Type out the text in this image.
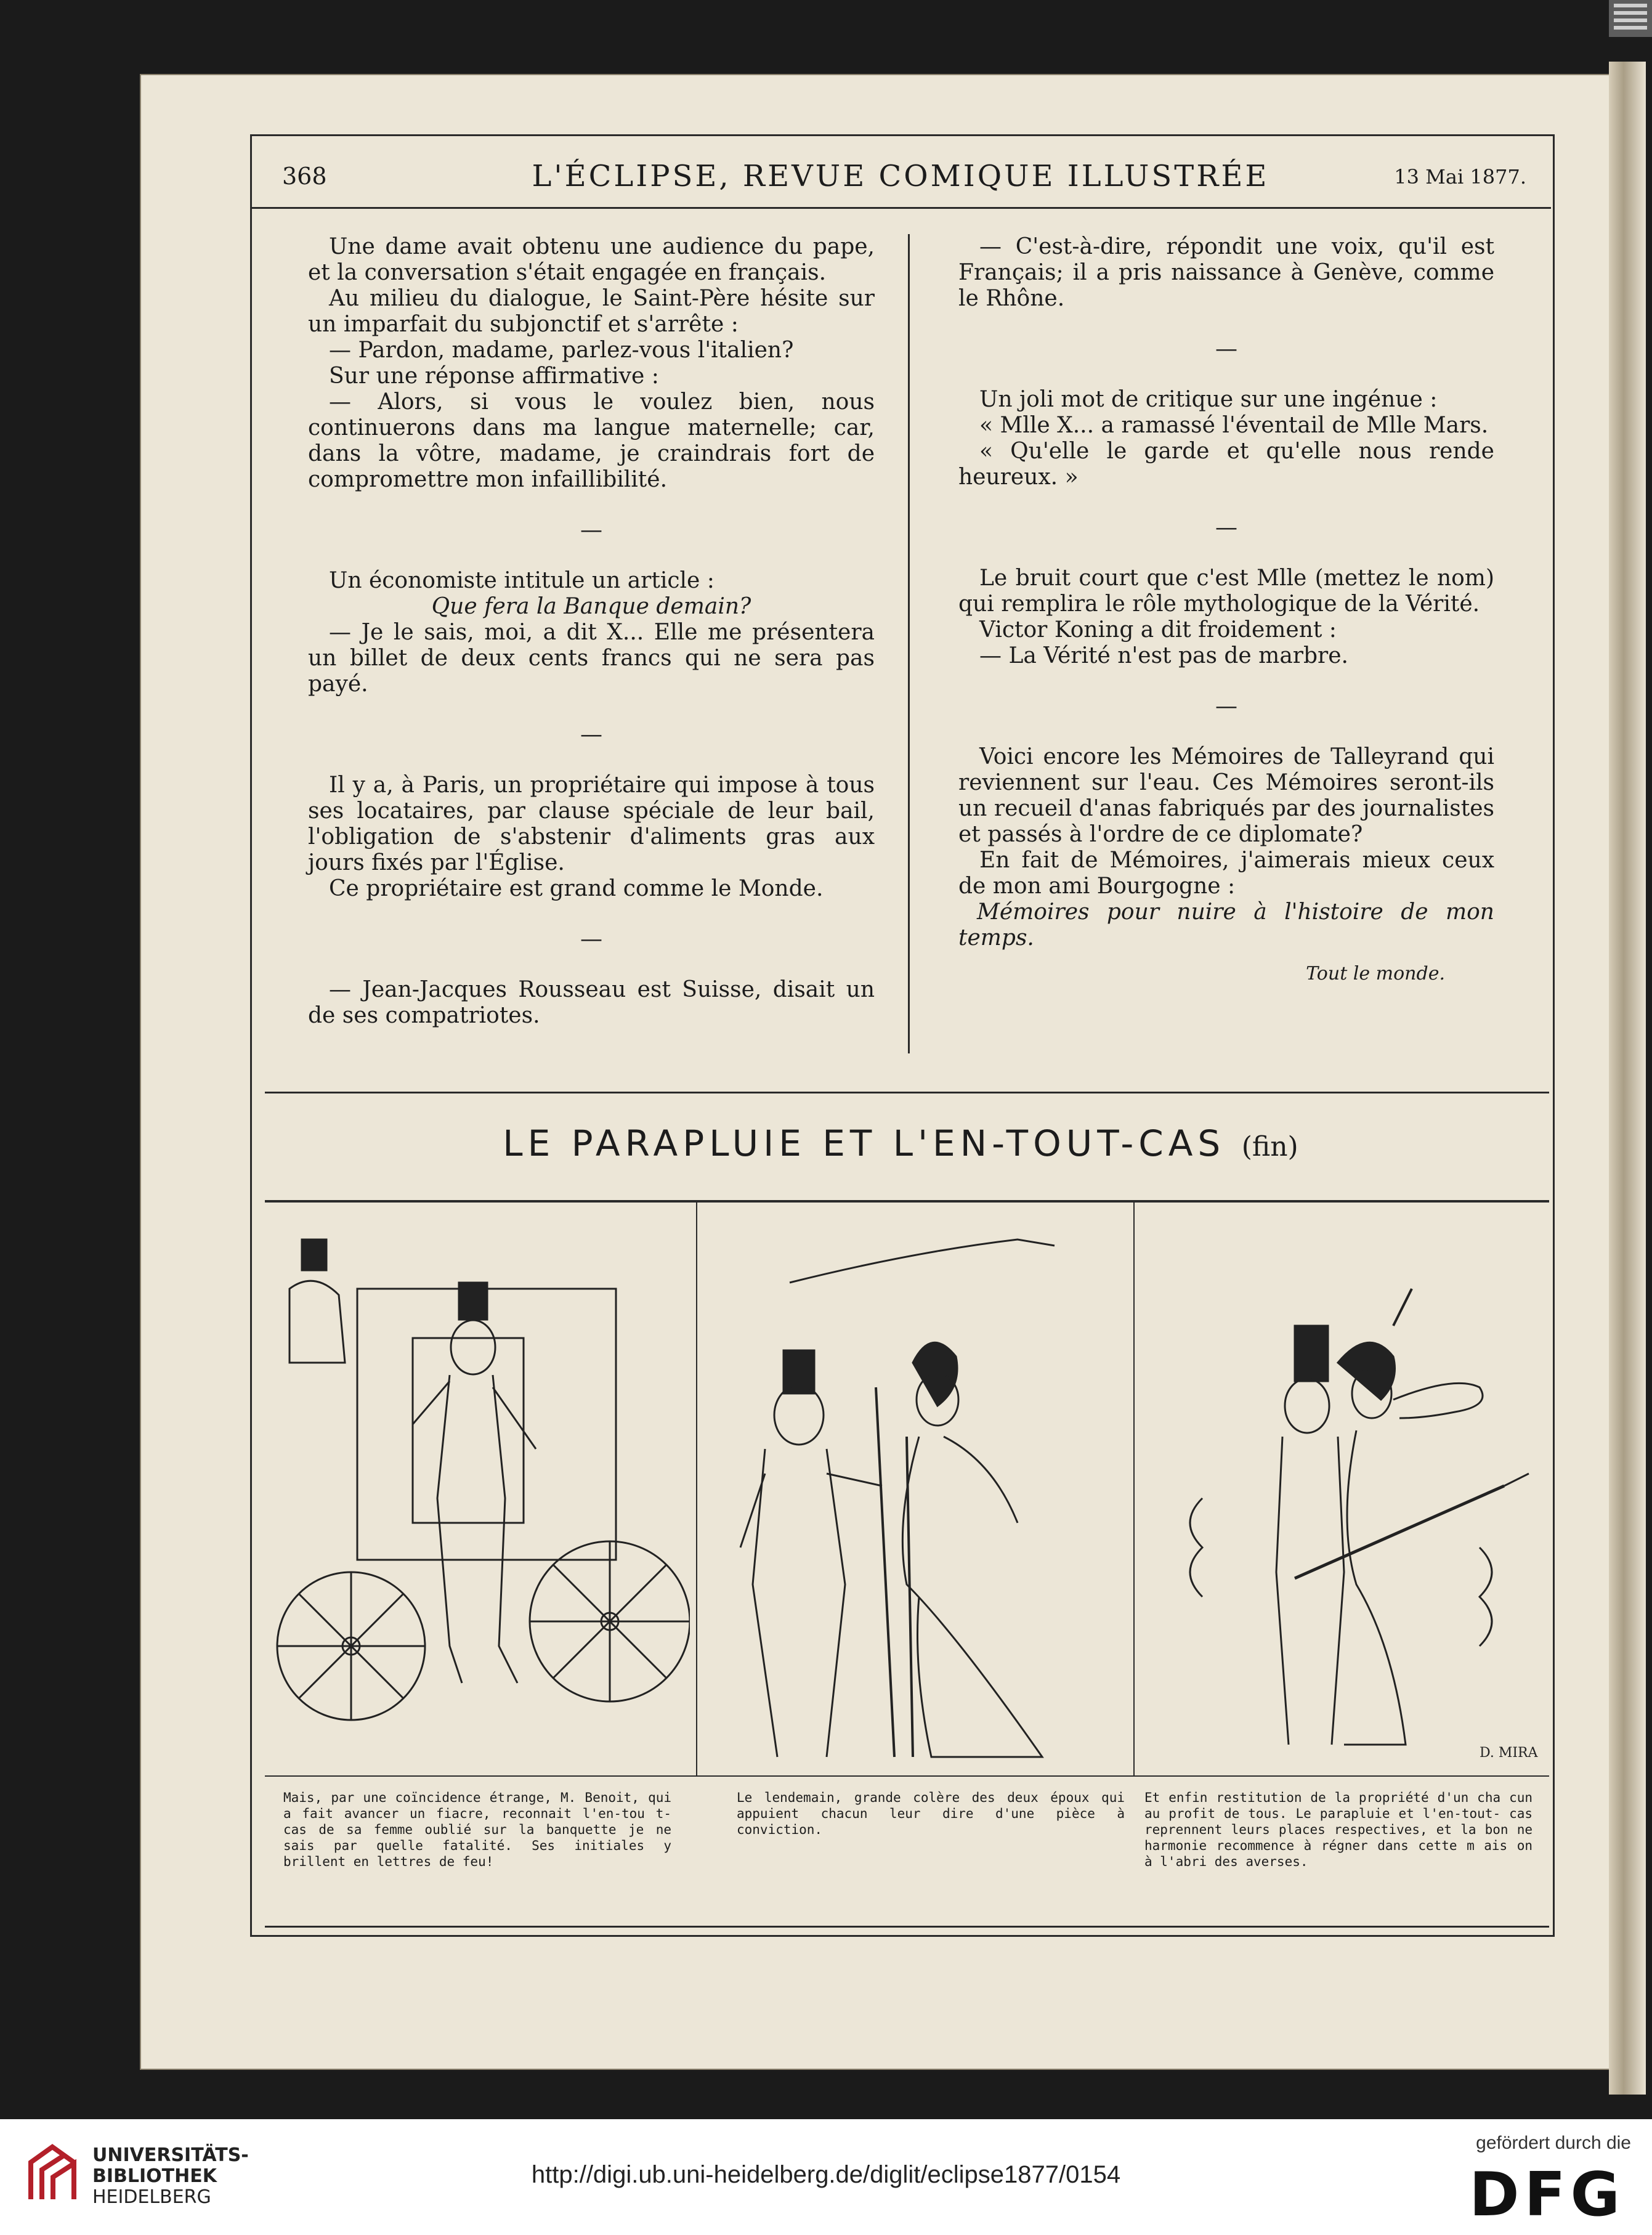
368	L'ÉCLIPSE, REVUE COMIQUE ILLUSTRÉE	13 Mai 1877.

Une dame avait obtenu une audience du pape, et la conversation s'était engagée en français.

Au milieu du dialogue, le Saint-Père hésite sur un imparfait du subjonctif et s'arrête :

— Pardon, madame, parlez-vous l'italien?

Sur une réponse affirmative :

— Alors, si vous le voulez bien, nous continuerons dans ma langue maternelle; car, dans la vôtre, madame, je craindrais fort de compromettre mon infaillibilité.

—

Un économiste intitule un article :

Que fera la Banque demain?

— Je le sais, moi, a dit X... Elle me présentera un billet de deux cents francs qui ne sera pas payé.

—

Il y a, à Paris, un propriétaire qui impose à tous ses locataires, par clause spéciale de leur bail, l'obligation de s'abstenir d'aliments gras aux jours fixés par l'Église.

Ce propriétaire est grand comme le Monde.

—

— Jean-Jacques Rousseau est Suisse, disait un de ses compatriotes.

— C'est-à-dire, répondit une voix, qu'il est Français; il a pris naissance à Genève, comme le Rhône.

—

Un joli mot de critique sur une ingénue :

« Mlle X... a ramassé l'éventail de Mlle Mars.

« Qu'elle le garde et qu'elle nous rende heureux. »

—

Le bruit court que c'est Mlle (mettez le nom) qui remplira le rôle mythologique de la Vérité.

Victor Koning a dit froidement :

— La Vérité n'est pas de marbre.

—

Voici encore les Mémoires de Talleyrand qui reviennent sur l'eau. Ces Mémoires seront-ils un recueil d'anas fabriqués par des journalistes et passés à l'ordre de ce diplomate?

En fait de Mémoires, j'aimerais mieux ceux de mon ami Bourgogne :

Mémoires pour nuire à l'histoire de mon temps.

Tout le monde.

LE PARAPLUIE ET L'EN-TOUT-CAS (fin)
D. MIRA
Mais, par une coïncidence étrange, M. Benoit, qui a fait avancer un fiacre, reconnait l'en-tou t-cas de sa femme oublié sur la banquette je ne sais par quelle fatalité. Ses initiales y brillent en lettres de feu!
Le lendemain, grande colère des deux époux qui appuient chacun leur dire d'une pièce à conviction.
Et enfin restitution de la propriété d'un cha cun au profit de tous. Le parapluie et l'en-tout- cas reprennent leurs places respectives, et la bon ne harmonie recommence à régner dans cette m ais on à l'abri des averses.
UNIVERSITÄTS-
BIBLIOTHEK
HEIDELBERG
http://digi.ub.uni-heidelberg.de/diglit/eclipse1877/0154
gefördert durch die
DFG
